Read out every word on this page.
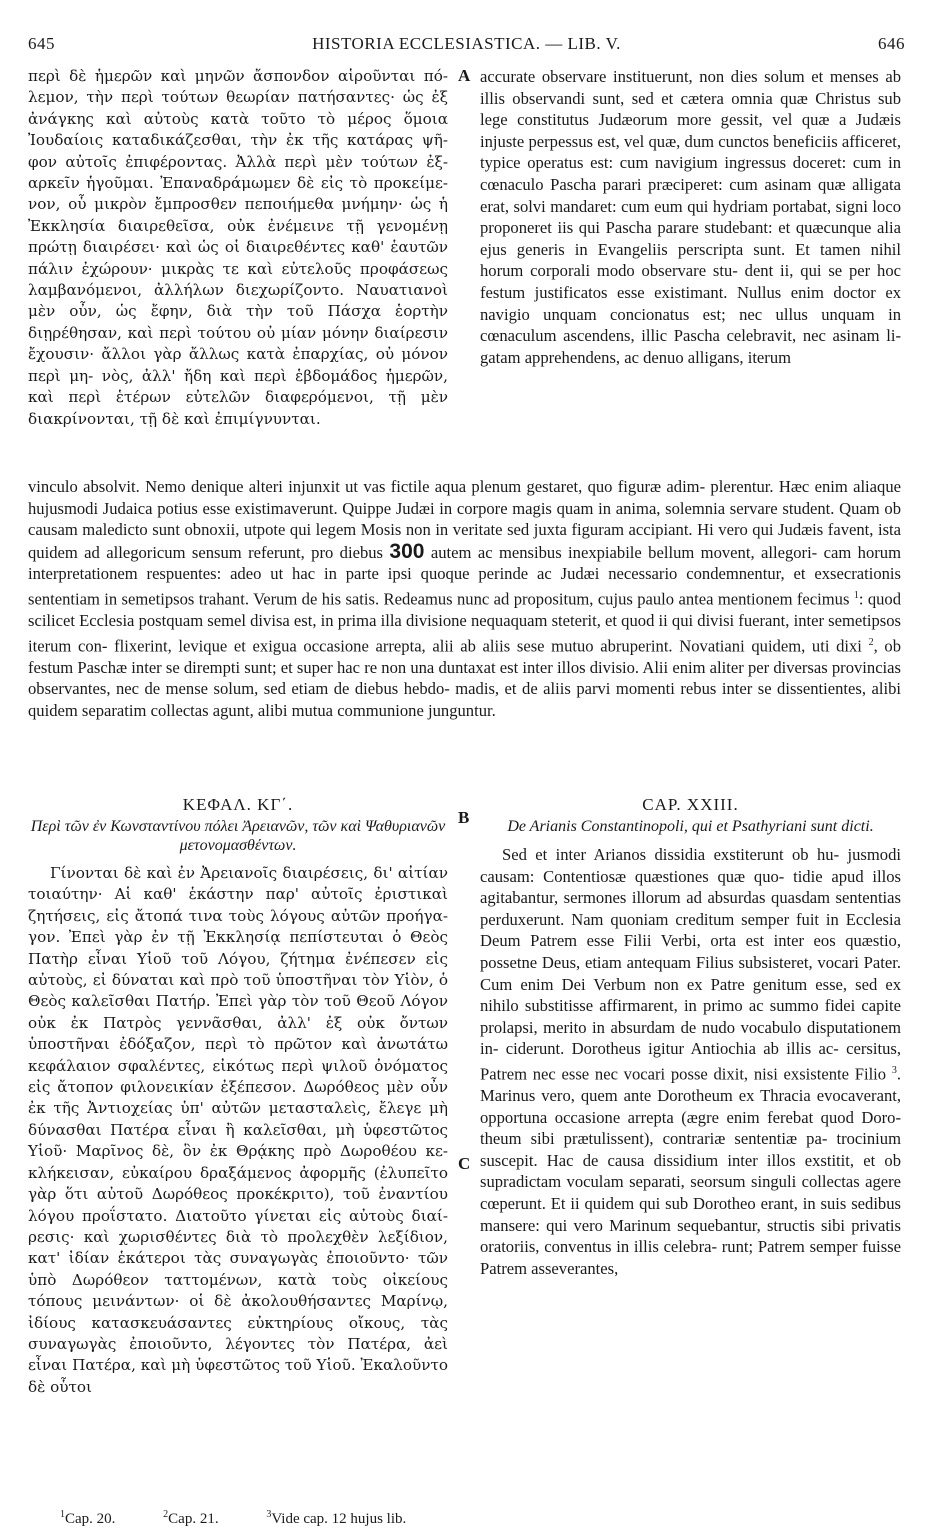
645	HISTORIA ECCLESIASTICA. — LIB. V.	646

περὶ δὲ ἡμερῶν καὶ μηνῶν ἄσπονδον αἱροῦνται πό- λεμον, τὴν περὶ τούτων θεωρίαν πατήσαντες· ὡς ἐξ ἀνάγκης καὶ αὐτοὺς κατὰ τοῦτο τὸ μέρος ὅμοια Ἰουδαίοις καταδικάζεσθαι, τὴν ἐκ τῆς κατάρας ψῆ- φον αὐτοῖς ἐπιφέροντας. Ἀλλὰ περὶ μὲν τούτων ἐξ- αρκεῖν ἡγοῦμαι. Ἐπαναδράμωμεν δὲ εἰς τὸ προκείμε- νον, οὗ μικρὸν ἔμπροσθεν πεποιήμεθα μνήμην· ὡς ἡ Ἐκκλησία διαιρεθεῖσα, οὐκ ἐνέμεινε τῇ γενομένῃ πρώτῃ διαιρέσει· καὶ ὡς οἱ διαιρεθέντες καθ' ἑαυτῶν πάλιν ἐχώρουν· μικρὰς τε καὶ εὐτελοῦς προφάσεως λαμβανόμενοι, ἀλλήλων διεχωρίζοντο. Ναυατιανοὶ μὲν οὖν, ὡς ἔφην, διὰ τὴν τοῦ Πάσχα ἑορτὴν διῃρέθησαν, καὶ περὶ τούτου οὐ μίαν μόνην διαίρεσιν ἔχουσιν· ἄλλοι γὰρ ἄλλως κατὰ ἐπαρχίας, οὐ μόνον περὶ μη- νὸς, ἀλλ' ἤδη καὶ περὶ ἑβδομάδος ἡμερῶν, καὶ περὶ ἑτέρων εὐτελῶν διαφερόμενοι, τῇ μὲν διακρίνονται, τῇ δὲ καὶ ἐπιμίγνυνται.

A accurate observare instituerunt, non dies solum et menses ab illis observandi sunt, sed et cætera omnia quæ Christus sub lege constitutus Judæorum more gessit, vel quæ a Judæis injuste perpessus est, vel quæ, dum cunctos beneficiis afficeret, typice operatus est: cum navigium ingressus doceret: cum in cœnaculo Pascha parari præciperet: cum asinam quæ alligata erat, solvi mandaret: cum eum qui hydriam portabat, signi loco proponeret iis qui Pascha parare studebant: et quæcunque alia ejus generis in Evangeliis perscripta sunt. Et tamen nihil horum corporali modo observare stu- dent ii, qui se per hoc festum justificatos esse existimant. Nullus enim doctor ex navigio unquam concionatus est; nec ullus unquam in cœnaculum ascendens, illic Pascha celebravit, nec asinam li- gatam apprehendens, ac denuo alligans, iterum

vinculo absolvit. Nemo denique alteri injunxit ut vas fictile aqua plenum gestaret, quo figuræ adim- plerentur. Hæc enim aliaque hujusmodi Judaica potius esse existimaverunt. Quippe Judæi in corpore magis quam in anima, solemnia servare student. Quam ob causam maledicto sunt obnoxii, utpote qui legem Mosis non in veritate sed juxta figuram accipiant. Hi vero qui Judæis favent, ista quidem ad allegoricum sensum referunt, pro diebus 300 autem ac mensibus inexpiabile bellum movent, allegori- cam horum interpretationem respuentes: adeo ut hac in parte ipsi quoque perinde ac Judæi necessario condemnentur, et exsecrationis sententiam in semetipsos trahant. Verum de his satis. Redeamus nunc ad propositum, cujus paulo antea mentionem fecimus $^1$: quod scilicet Ecclesia postquam semel divisa est, in prima illa divisione nequaquam steterit, et quod ii qui divisi fuerant, inter semetipsos iterum con- flixerint, levique et exigua occasione arrepta, alii ab aliis sese mutuo abruperint. Novatiani quidem, uti dixi $^2$, ob festum Paschæ inter se dirempti sunt; et super hac re non una duntaxat est inter illos divisio. Alii enim aliter per diversas provincias observantes, nec de mense solum, sed etiam de diebus hebdo- madis, et de aliis parvi momenti rebus inter se dissentientes, alibi quidem separatim collectas agunt, alibi mutua communione junguntur.

ΚΕΦΑΛ. ΚΓ΄.

Περὶ τῶν ἐν Κωνσταντίνου πόλει Ἀρειανῶν, τῶν καὶ Ψαθυριανῶν μετονομασθέντων.

Γίνονται δὲ καὶ ἐν Ἀρειανοῖς διαιρέσεις, δι' αἰτίαν τοιαύτην· Αἱ καθ' ἑκάστην παρ' αὐτοῖς ἐριστικαὶ ζητήσεις, εἰς ἄτοπά τινα τοὺς λόγους αὐτῶν προήγα- γον. Ἐπεὶ γὰρ ἐν τῇ Ἐκκλησίᾳ πεπίστευται ὁ Θεὸς Πατὴρ εἶναι Υἱοῦ τοῦ Λόγου, ζήτημα ἐνέπεσεν εἰς αὐτοὺς, εἰ δύναται καὶ πρὸ τοῦ ὑποστῆναι τὸν Υἱὸν, ὁ Θεὸς καλεῖσθαι Πατήρ. Ἐπεὶ γὰρ τὸν τοῦ Θεοῦ Λόγον οὐκ ἐκ Πατρὸς γεννᾶσθαι, ἀλλ' ἐξ οὐκ ὄντων ὑποστῆναι ἐδόξαζον, περὶ τὸ πρῶτον καὶ ἀνωτάτω κεφάλαιον σφαλέντες, εἰκότως περὶ ψιλοῦ ὀνόματος εἰς ἄτοπον φιλονεικίαν ἐξέπεσον. Δωρόθεος μὲν οὖν ἐκ τῆς Ἀντιοχείας ὑπ' αὐτῶν μετασταλεὶς, ἔλεγε μὴ δύνασθαι Πατέρα εἶναι ἢ καλεῖσθαι, μὴ ὑφεστῶτος Υἱοῦ· Μαρῖνος δὲ, ὃν ἐκ Θρᾴκης πρὸ Δωροθέου κε- κλήκεισαν, εὐκαίρου δραξάμενος ἀφορμῆς (ἐλυπεῖτο γὰρ ὅτι αὐτοῦ Δωρόθεος προκέκριτο), τοῦ ἐναντίου λόγου προΐστατο. Διατοῦτο γίνεται εἰς αὐτοὺς διαί- ρεσις· καὶ χωρισθέντες διὰ τὸ προλεχθὲν λεξίδιον, κατ' ἰδίαν ἑκάτεροι τὰς συναγωγὰς ἐποιοῦντο· τῶν ὑπὸ Δωρόθεον ταττομένων, κατὰ τοὺς οἰκείους τόπους μεινάντων· οἱ δὲ ἀκολουθήσαντες Μαρίνῳ, ἰδίους κατασκευάσαντες εὐκτηρίους οἴκους, τὰς συναγωγὰς ἐποιοῦντο, λέγοντες τὸν Πατέρα, ἀεὶ εἶναι Πατέρα, καὶ μὴ ὑφεστῶτος τοῦ Υἱοῦ. Ἐκαλοῦντο δὲ οὗτοι

B
C

CAP. XXIII.

De Arianis Constantinopoli, qui et Psathyriani sunt dicti.

Sed et inter Arianos dissidia exstiterunt ob hu- jusmodi causam: Contentiosæ quæstiones quæ quo- tidie apud illos agitabantur, sermones illorum ad absurdas quasdam sententias perduxerunt. Nam quoniam creditum semper fuit in Ecclesia Deum Patrem esse Filii Verbi, orta est inter eos quæstio, possetne Deus, etiam antequam Filius subsisteret, vocari Pater. Cum enim Dei Verbum non ex Patre genitum esse, sed ex nihilo substitisse affirmarent, in primo ac summo fidei capite prolapsi, merito in absurdam de nudo vocabulo disputationem in- ciderunt. Dorotheus igitur Antiochia ab illis ac- cersitus, Patrem nec esse nec vocari posse dixit, nisi exsistente Filio $^3$. Marinus vero, quem ante Dorotheum ex Thracia evocaverant, opportuna occasione arrepta (ægre enim ferebat quod Doro- theum sibi prætulissent), contrariæ sententiæ pa- trocinium suscepit. Hac de causa dissidium inter illos exstitit, et ob supradictam voculam separati, seorsum singuli collectas agere cœperunt. Et ii quidem qui sub Dorotheo erant, in suis sedibus mansere: qui vero Marinum sequebantur, structis sibi privatis oratoriis, conventus in illis celebra- runt; Patrem semper fuisse Patrem asseverantes,

$^1$Cap. 20.	$^2$Cap. 21.	$^3$Vide cap. 12 hujus lib.
